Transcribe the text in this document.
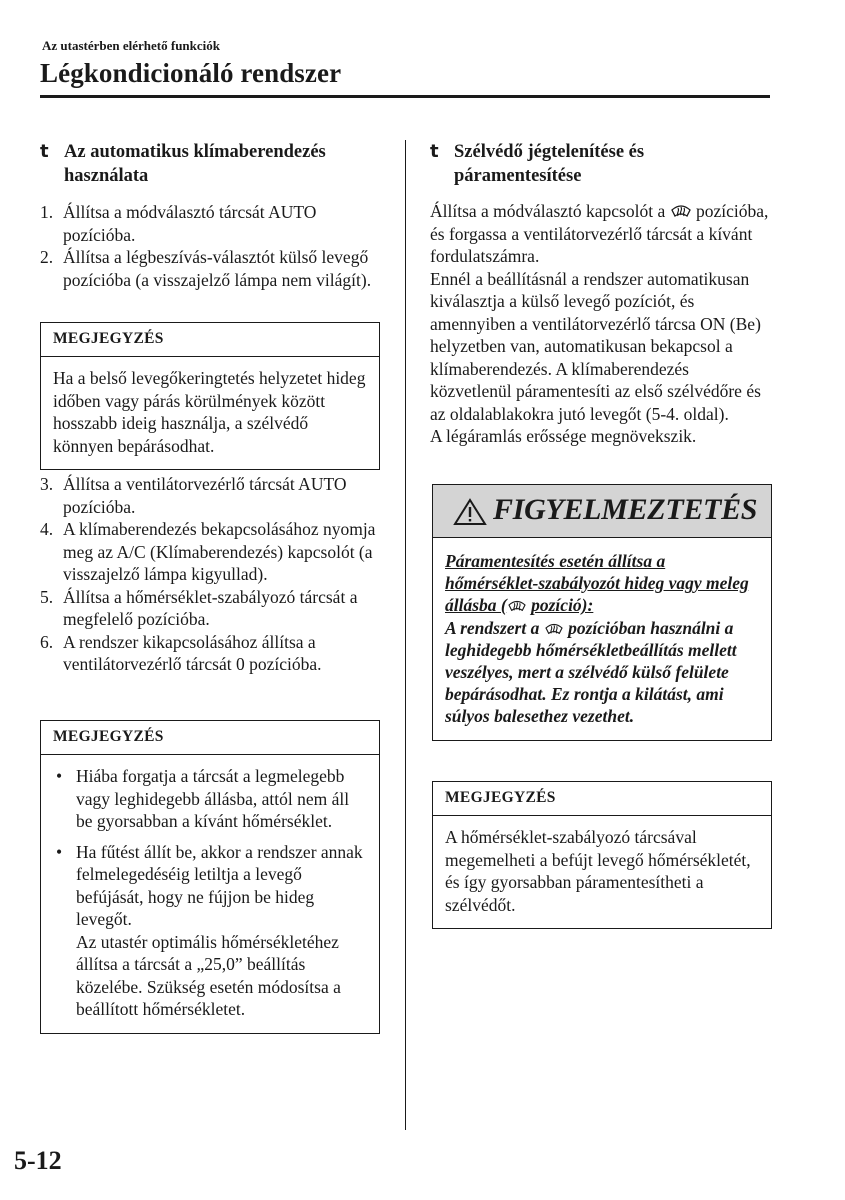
Az utastérben elérhető funkciók
Légkondicionáló rendszer
t Az automatikus klímaberendezés használata
1. Állítsa a módválasztó tárcsát AUTO pozícióba.
2. Állítsa a légbeszívás-választót külső levegő pozícióba (a visszajelző lámpa nem világít).
MEGJEGYZÉS
Ha a belső levegőkeringtetés helyzetet hideg időben vagy párás körülmények között hosszabb ideig használja, a szélvédő könnyen bepárásodhat.
3. Állítsa a ventilátorvezérlő tárcsát AUTO pozícióba.
4. A klímaberendezés bekapcsolásához nyomja meg az A/C (Klímaberendezés) kapcsolót (a visszajelző lámpa kigyullad).
5. Állítsa a hőmérséklet-szabályozó tárcsát a megfelelő pozícióba.
6. A rendszer kikapcsolásához állítsa a ventilátorvezérlő tárcsát 0 pozícióba.
MEGJEGYZÉS
• Hiába forgatja a tárcsát a legmelegebb vagy leghidegebb állásba, attól nem áll be gyorsabban a kívánt hőmérséklet.
• Ha fűtést állít be, akkor a rendszer annak felmelegedéséig letiltja a levegő befújását, hogy ne fújjon be hideg levegőt.
Az utastér optimális hőmérsékletéhez állítsa a tárcsát a „25,0” beállítás közelébe. Szükség esetén módosítsa a beállított hőmérsékletet.
t Szélvédő jégtelenítése és páramentesítése
Állítsa a módválasztó kapcsolót a pozícióba, és forgassa a ventilátorvezérlő tárcsát a kívánt fordulatszámra.
Ennél a beállításnál a rendszer automatikusan kiválasztja a külső levegő pozíciót, és amennyiben a ventilátorvezérlő tárcsa ON (Be) helyzetben van, automatikusan bekapcsol a klímaberendezés. A klímaberendezés közvetlenül páramentesíti az első szélvédőre és az oldalablakokra jutó levegőt (5-4. oldal).
A légáramlás erőssége megnövekszik.
FIGYELMEZTETÉS
Páramentesítés esetén állítsa a hőmérséklet-szabályozót hideg vagy meleg állásba ( pozíció):
A rendszert a pozícióban használni a leghidegebb hőmérsékletbeállítás mellett veszélyes, mert a szélvédő külső felülete bepárásodhat. Ez rontja a kilátást, ami súlyos balesethez vezethet.
MEGJEGYZÉS
A hőmérséklet-szabályozó tárcsával megemelheti a befújt levegő hőmérsékletét, és így gyorsabban páramentesítheti a szélvédőt.
5-12
